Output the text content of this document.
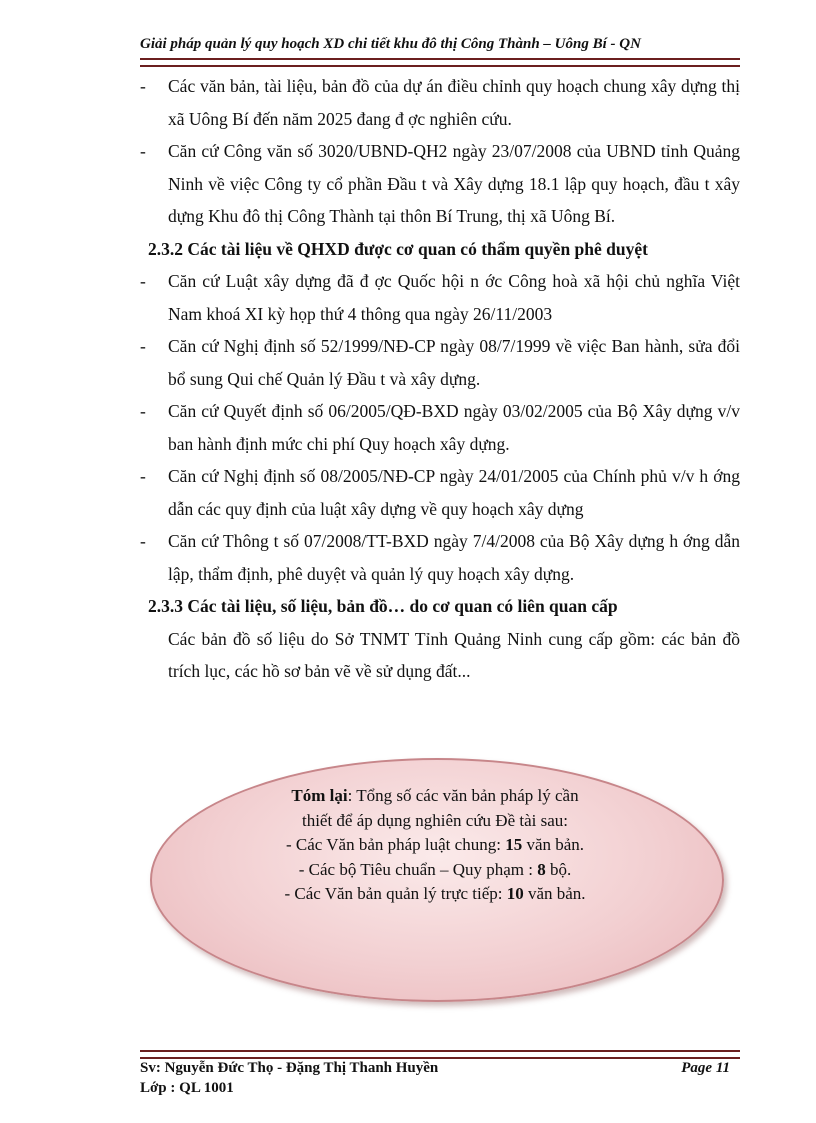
Giải pháp quản lý quy hoạch XD chi tiết khu đô thị Công Thành – Uông Bí - QN
- Các văn bản, tài liệu, bản đồ của dự án điều chỉnh quy hoạch chung xây dựng thị xã Uông Bí đến năm 2025 đang đ ợc nghiên cứu.
- Căn cứ Công văn số 3020/UBND-QH2 ngày 23/07/2008 của UBND tỉnh Quảng Ninh về việc Công ty cổ phần Đầu t và Xây dựng 18.1 lập quy hoạch, đầu t xây dựng Khu đô thị Công Thành tại thôn Bí Trung, thị xã Uông Bí.
2.3.2 Các tài liệu về QHXD được cơ quan có thẩm quyền phê duyệt
- Căn cứ Luật xây dựng đã đ ợc Quốc hội n ớc Công hoà xã hội chủ nghĩa Việt Nam khoá XI kỳ họp thứ 4 thông qua ngày 26/11/2003
- Căn cứ Nghị định số 52/1999/NĐ-CP ngày 08/7/1999 về việc Ban hành, sửa đổi bổ sung Qui chế Quản lý Đầu t và xây dựng.
- Căn cứ Quyết định số 06/2005/QĐ-BXD ngày 03/02/2005 của Bộ Xây dựng v/v ban hành định mức chi phí Quy hoạch xây dựng.
- Căn cứ Nghị định số 08/2005/NĐ-CP ngày 24/01/2005 của Chính phủ v/v h ớng dẫn các quy định của luật xây dựng về quy hoạch xây dựng
- Căn cứ Thông t số 07/2008/TT-BXD ngày 7/4/2008 của Bộ Xây dựng h ớng dẫn lập, thẩm định, phê duyệt và quản lý quy hoạch xây dựng.
2.3.3 Các tài liệu, số liệu, bản đồ… do cơ quan có liên quan cấp
Các bản đồ số liệu do Sở TNMT Tỉnh Quảng Ninh cung cấp gồm: các bản đồ trích lục, các hồ sơ bản vẽ về sử dụng đất...
Tóm lại: Tổng số các văn bản pháp lý cần
thiết để áp dụng nghiên cứu Đề tài sau:
- Các Văn bản pháp luật chung: 15 văn bản.
- Các bộ Tiêu chuẩn – Quy phạm : 8 bộ.
- Các Văn bản quản lý trực tiếp: 10 văn bản.
Sv: Nguyễn Đức Thọ - Đặng Thị Thanh Huyền
Lớp : QL 1001
Page 11
